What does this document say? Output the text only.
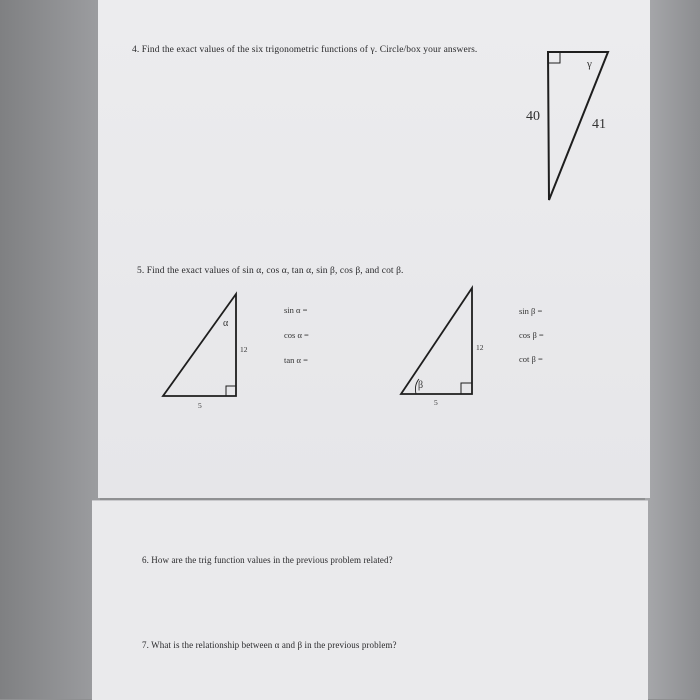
4. Find the exact values of the six trigonometric functions of γ. Circle/box your answers.
γ
40
41
5. Find the exact values of sin α, cos α, tan α, sin β, cos β, and cot β.
α
12
5
sin α =
cos α =
tan α =
β
12
5
sin β =
cos β =
cot β =
6. How are the trig function values in the previous problem related?
7. What is the relationship between α and β in the previous problem?
